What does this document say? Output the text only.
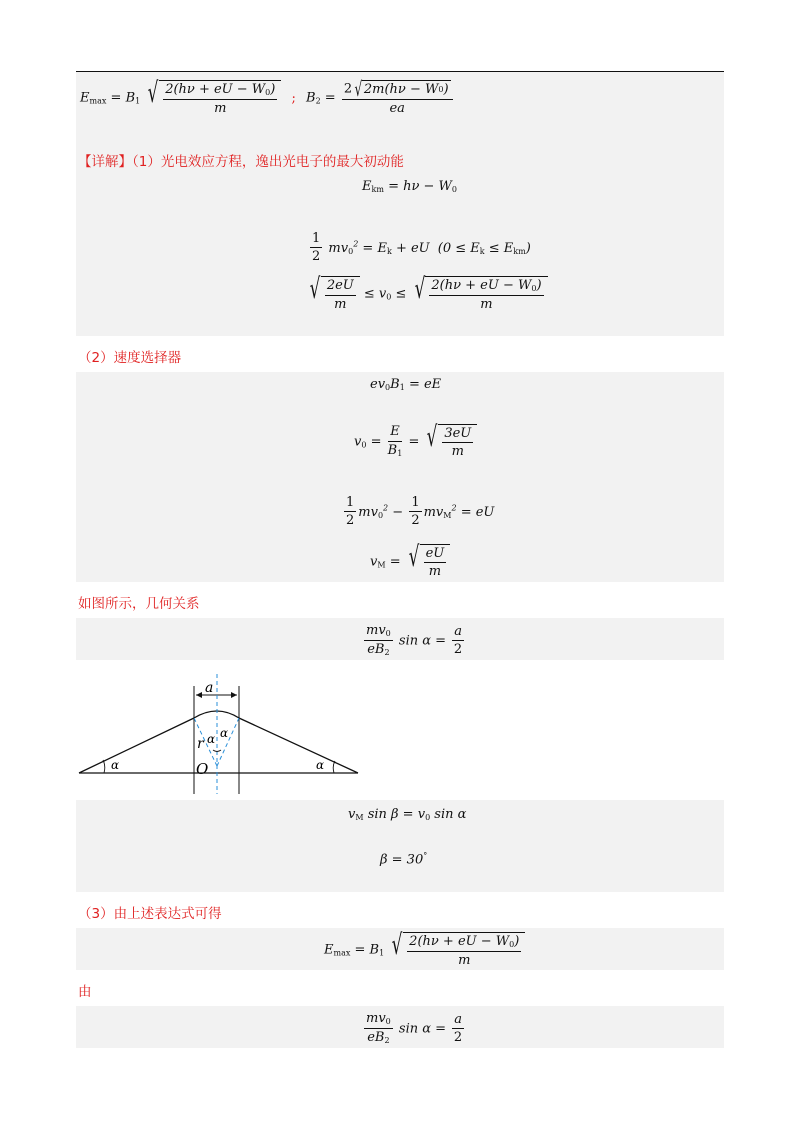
$E_{max} = B_1$ √ $\frac{2(h\nu + eU - W_0)}{m}$ ; $B_2 = \frac{2 √ 2m(h\nu - W 0 )}{ea}$
【详解】（1）光电效应方程，逸出光电子的最大初动能
$E_{km} = h\nu - W_0$
$\frac{1}{2} mv_0^2 = E_k$ + eU $(0 \le E_k \le E_{km})$
√ $\frac{2eU}{m} \le v_0$ ≤ √ $\frac{2(h\nu + eU - W_0)}{m}$
（2）速度选择器
$ev_0B_1$ = eE
$v_0 = \frac{E}{B_1}$ = √ $\frac{3eU}{m}$
$\frac{1}{2} mv_0^2 - \frac{1}{2} mv_M^2$ = eU
$v_M$ = √ $\frac{eU}{m}$
如图所示，几何关系
$\frac{mv_0}{eB_2}$ $\sin \alpha = \frac{a}{2}$
a
r
O
α α
α	α
$v_M$ $\sin \beta = v_0$ sin α
β = 30°
（3）由上述表达式可得
$E_{max} = B_1$ √ $\frac{2(h\nu + eU - W_0)}{m}$
由
$\frac{mv_0}{eB_2}$ $\sin \alpha = \frac{a}{2}$
